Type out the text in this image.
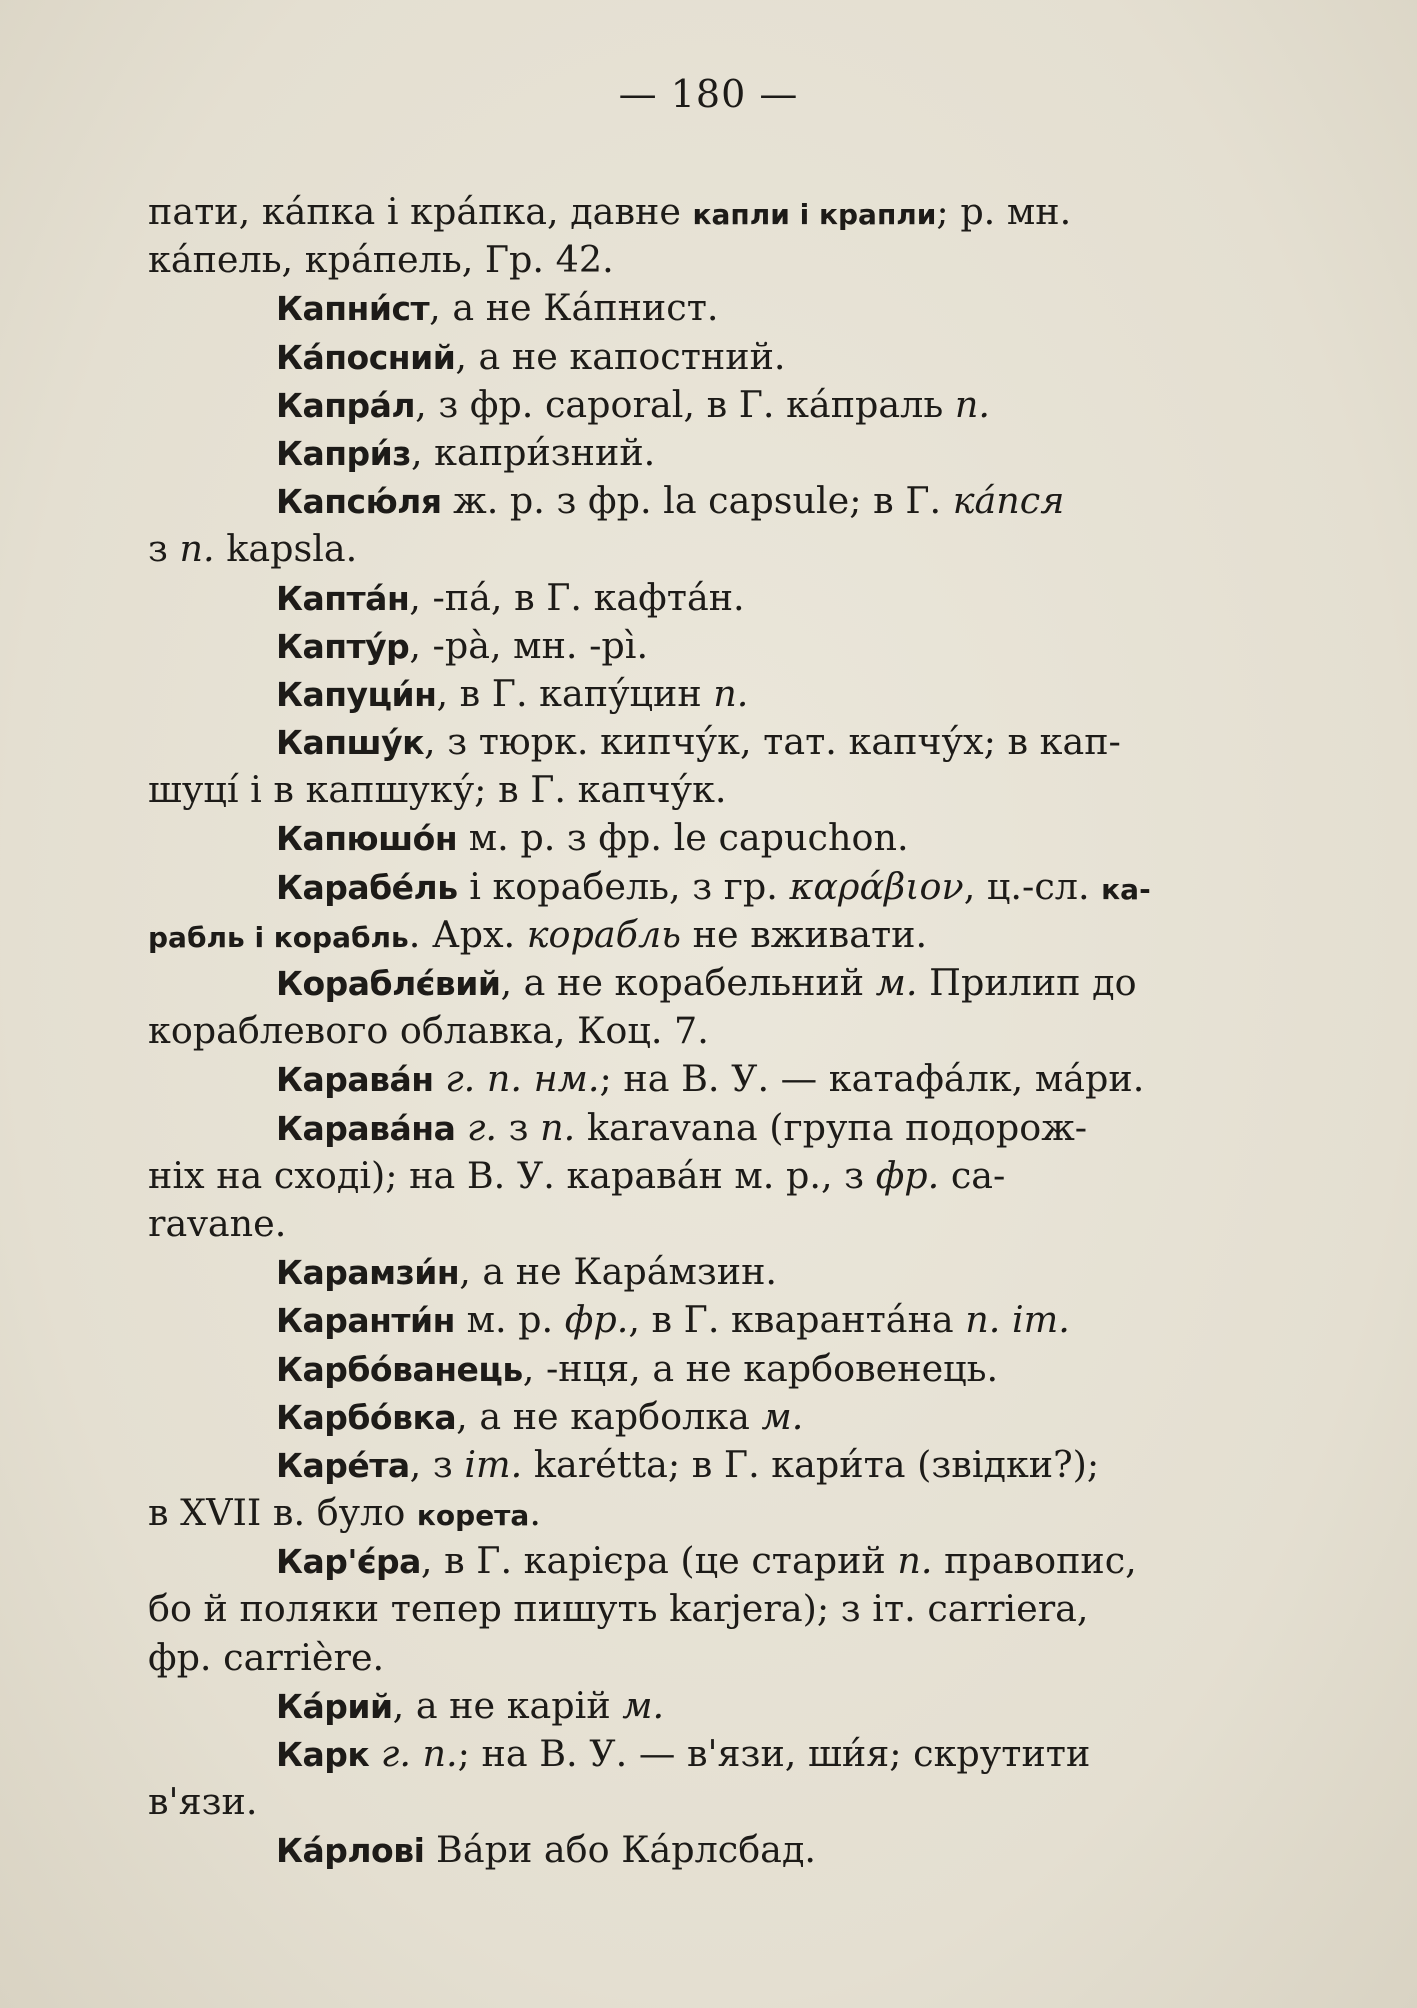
— 180 —
пати, ка́пка і кра́пка, давне капли і крапли; р. мн.
ка́пель, кра́пель, Гр. 42.
Капни́ст, а не Ка́пнист.
Ка́посний, а не капостний.
Капра́л, з фр. caporal, в Г. ка́праль п.
Капри́з, капри́зний.
Капсю́ля ж. р. з фр. la capsule; в Г. ка́пся
з п. kapsla.
Капта́н, -па́, в Г. кафта́н.
Капту́р, -ра̀, мн. -рі̀.
Капуци́н, в Г. капу́цин п.
Капшу́к, з тюрк. кипчу́к, тат. капчу́х; в кап-
шуці́ і в капшуку́; в Г. капчу́к.
Капюшо́н м. р. з фр. le capuchon.
Карабе́ль і корабель, з гр. καράβιον, ц.-сл. ка-
рабль і корабль. Арх. корабль не вживати.
Кораблє́вий, а не корабельний м. Прилип до
кораблевого облавка, Коц. 7.
Карава́н г. п. нм.; на В. У. — катафа́лк, ма́ри.
Карава́на г. з п. karavana (група подорож-
ніх на сході); на В. У. карава́н м. р., з фр. ca-
ravane.
Карамзи́н, а не Кара́мзин.
Каранти́н м. р. фр., в Г. кваранта́на п. іт.
Карбо́ванець, -нця, а не карбовенець.
Карбо́вка, а не карболка м.
Каре́та, з іт. karétta; в Г. кари́та (звідки?);
в XVII в. було корета.
Кар'є́ра, в Г. карієра (це старий п. правопис,
бо й поляки тепер пишуть karjera); з іт. carriera,
фр. carrière.
Ка́рий, а не карій м.
Карк г. п.; на В. У. — в'язи, ши́я; скрутити
в'язи.
Ка́рлові Ва́ри або Ка́рлсбад.
